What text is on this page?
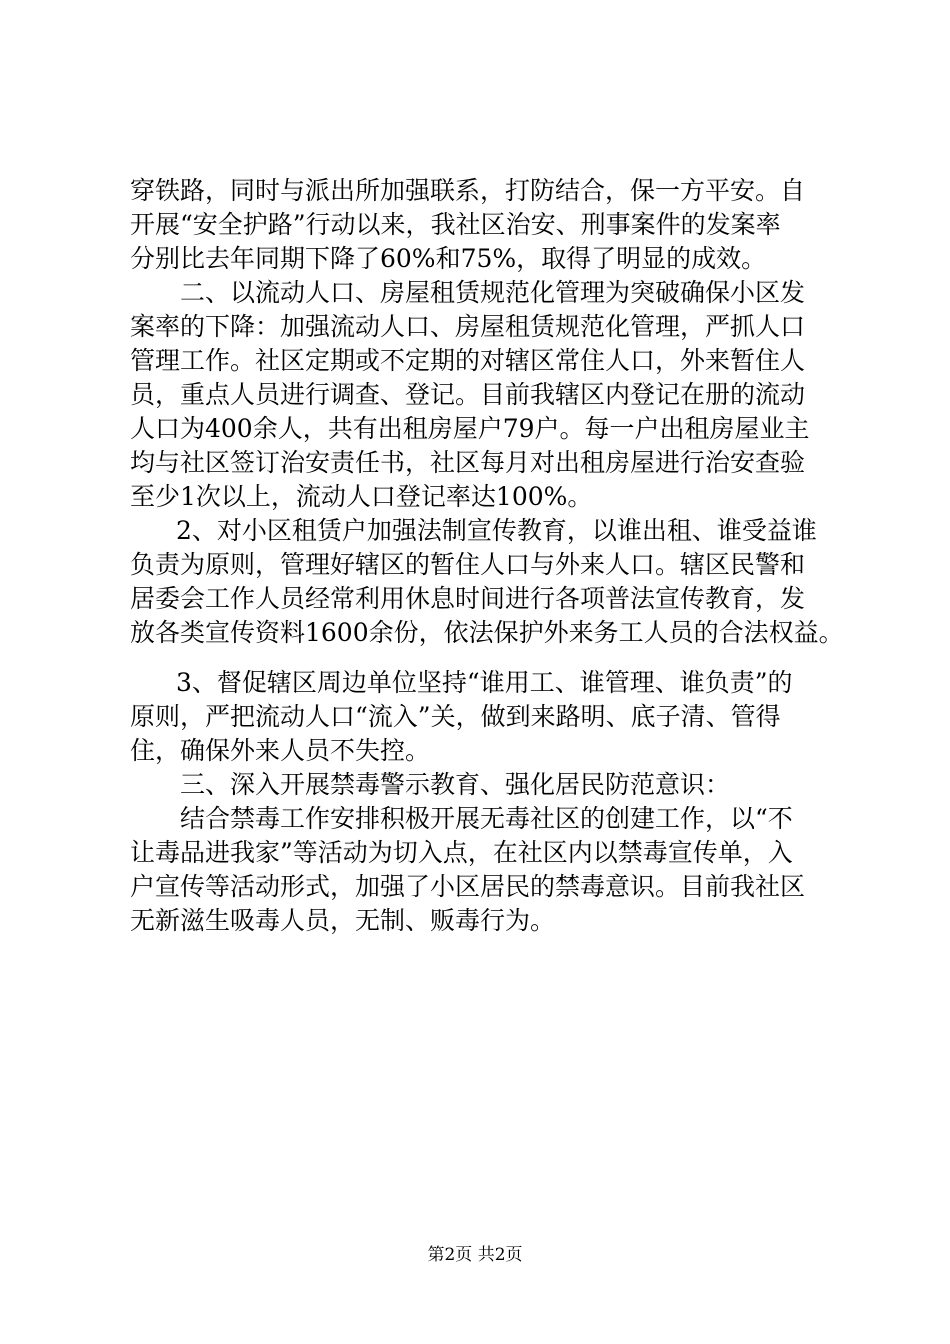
穿铁路，同时与派出所加强联系，打防结合，保一方平安。自

开展“安全护路”行动以来，我社区治安、刑事案件的发案率

分别比去年同期下降了60%和75%，取得了明显的成效。

二、以流动人口、房屋租赁规范化管理为突破确保小区发

案率的下降：加强流动人口、房屋租赁规范化管理，严抓人口

管理工作。社区定期或不定期的对辖区常住人口，外来暂住人

员，重点人员进行调查、登记。目前我辖区内登记在册的流动

人口为400余人，共有出租房屋户79户。每一户出租房屋业主

均与社区签订治安责任书，社区每月对出租房屋进行治安查验

至少1次以上，流动人口登记率达100%。

2、对小区租赁户加强法制宣传教育，以谁出租、谁受益谁

负责为原则，管理好辖区的暂住人口与外来人口。辖区民警和

居委会工作人员经常利用休息时间进行各项普法宣传教育，发

放各类宣传资料1600余份，依法保护外来务工人员的合法权益。

3、督促辖区周边单位坚持“谁用工、谁管理、谁负责”的

原则，严把流动人口“流入”关，做到来路明、底子清、管得

住，确保外来人员不失控。

三、深入开展禁毒警示教育、强化居民防范意识：

结合禁毒工作安排积极开展无毒社区的创建工作，以“不

让毒品进我家”等活动为切入点，在社区内以禁毒宣传单，入

户宣传等活动形式，加强了小区居民的禁毒意识。目前我社区

无新滋生吸毒人员，无制、贩毒行为。

第2页 共2页
